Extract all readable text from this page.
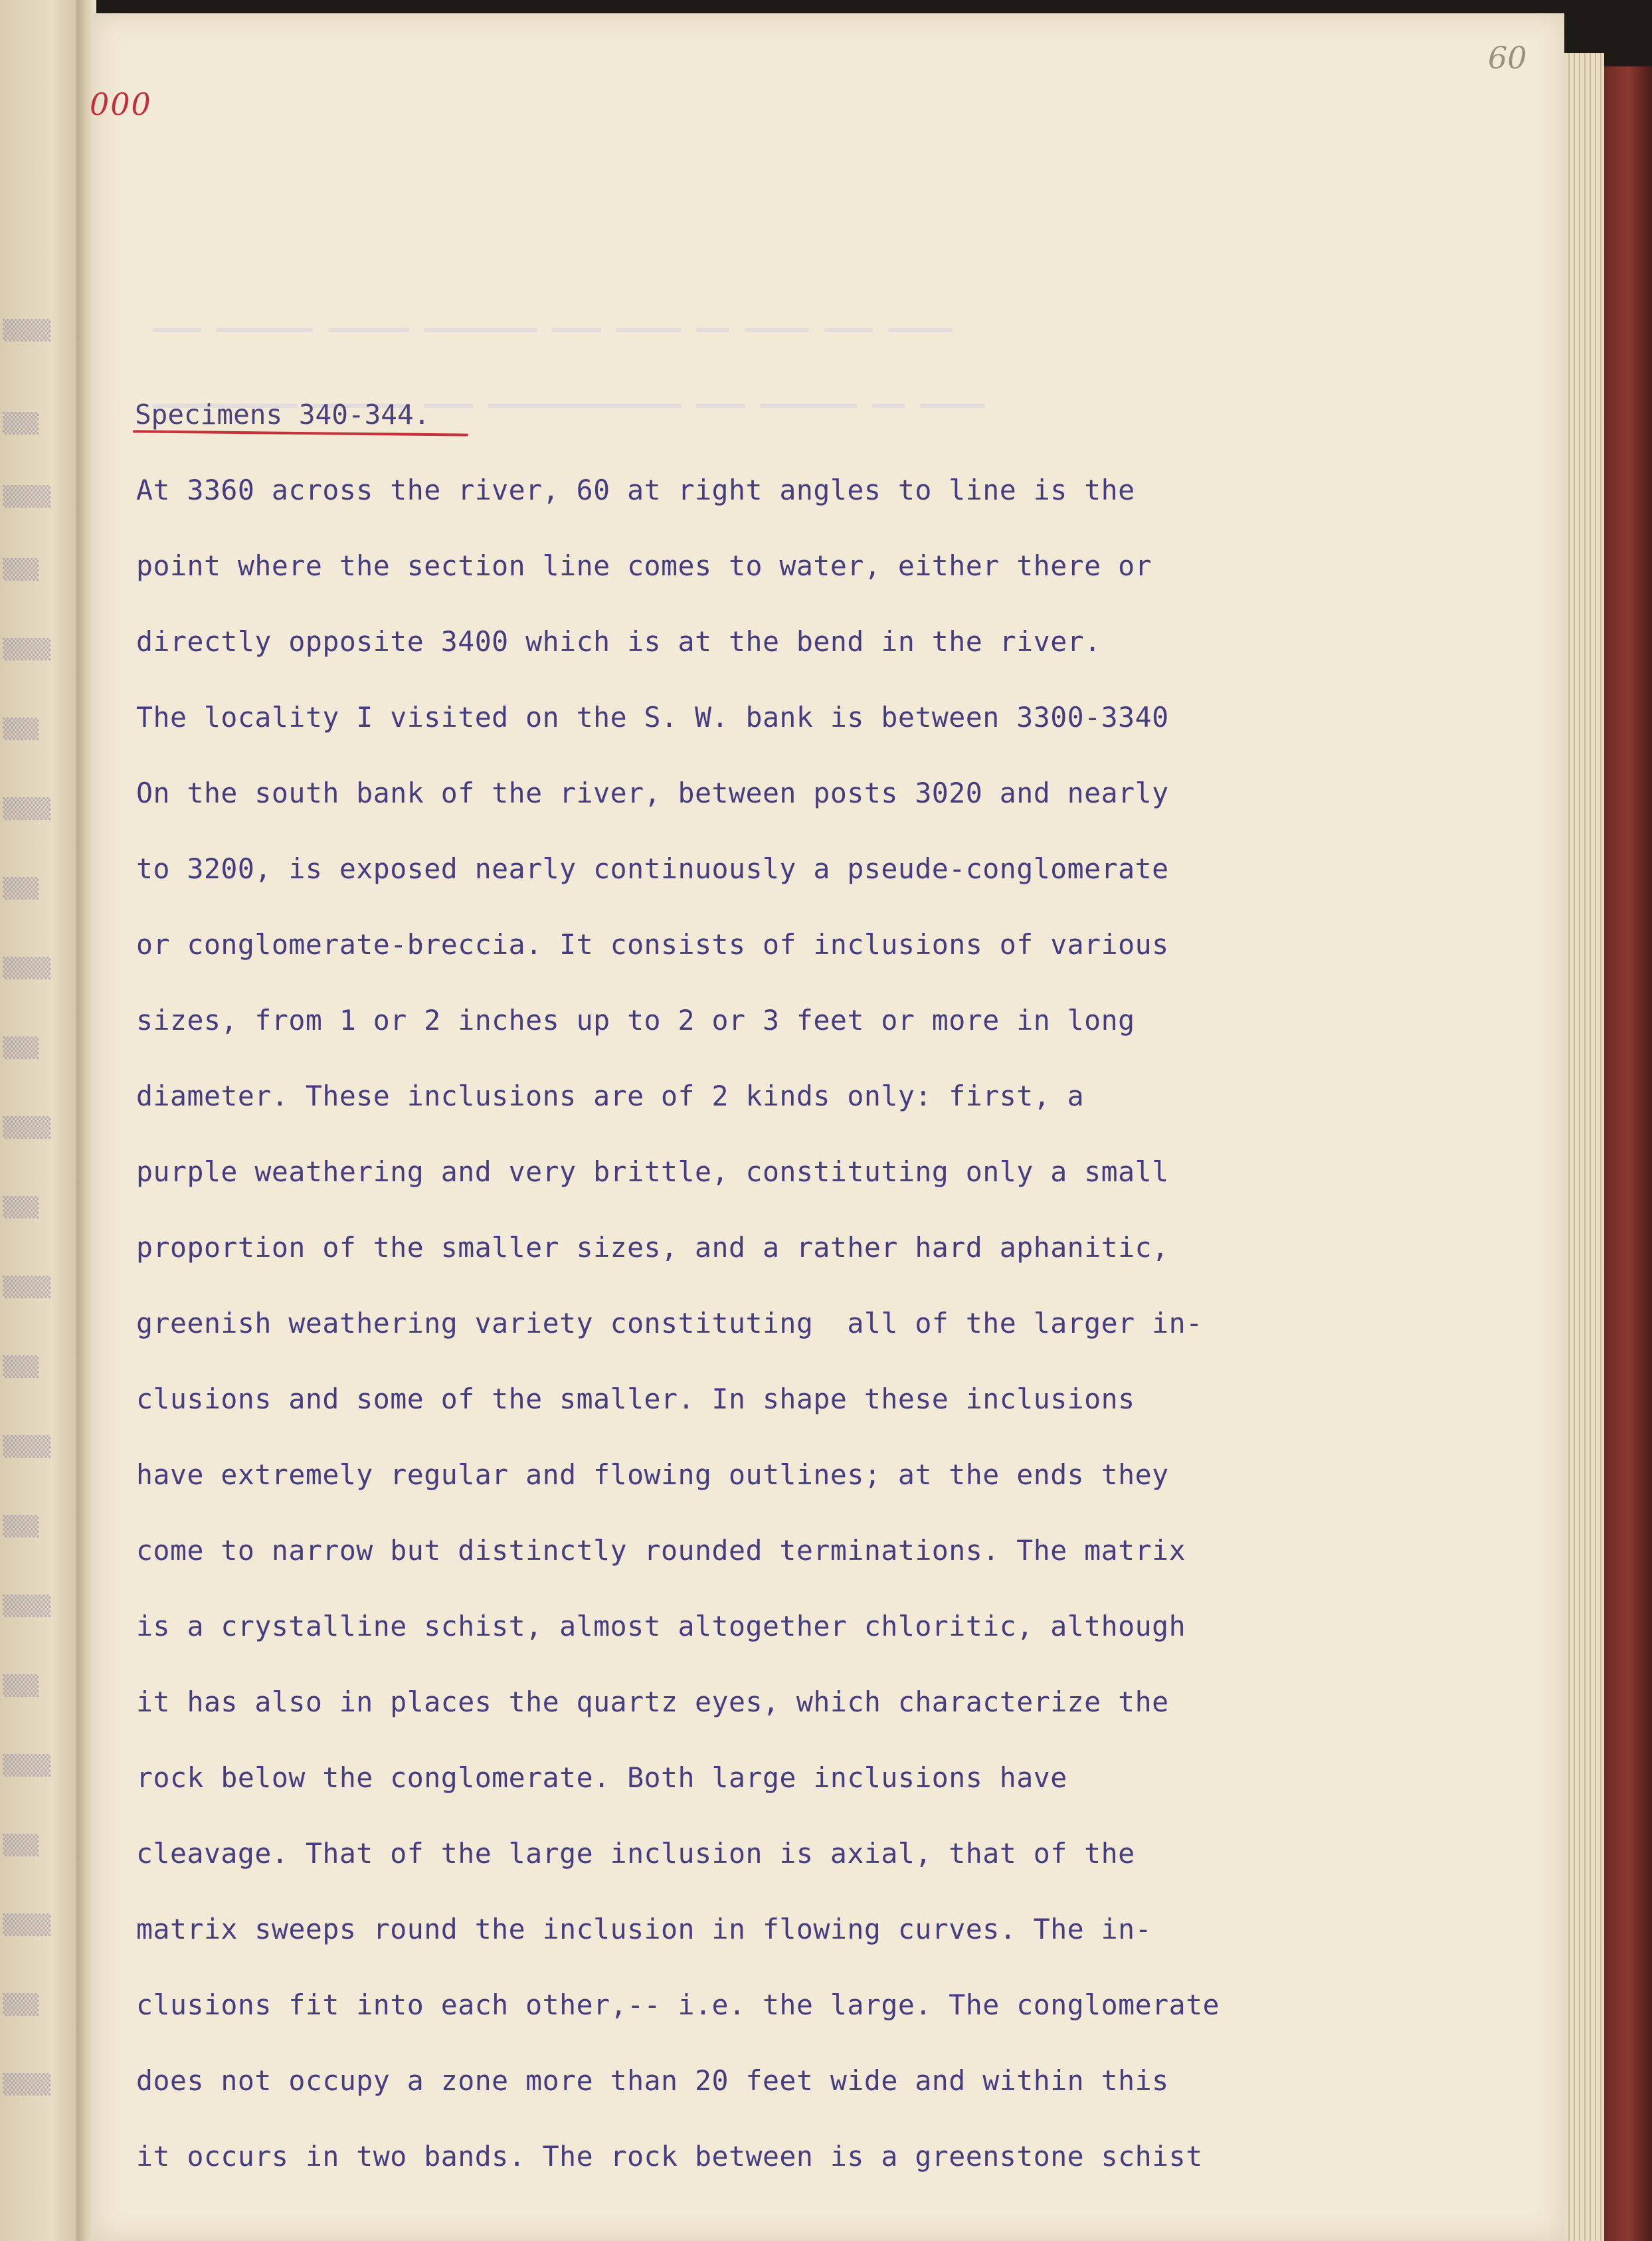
▒▒▒▒
▒▒▒
▒▒▒▒
▒▒▒
▒▒▒▒
▒▒▒
▒▒▒▒
▒▒▒
▒▒▒▒
▒▒▒
▒▒▒▒
▒▒▒
▒▒▒▒
▒▒▒
▒▒▒▒
▒▒▒
▒▒▒▒
▒▒▒
▒▒▒▒
▒▒▒
▒▒▒▒
▒▒▒
▒▒▒▒
60
000
▁▁▁ ▁▁▁▁▁▁ ▁▁▁▁▁ ▁▁▁▁▁▁▁ ▁▁▁ ▁▁▁▁ ▁▁ ▁▁▁▁ ▁▁▁ ▁▁▁▁
▁▁▁▁▁▁▁▁▁ ▁▁▁▁▁▁ ▁▁▁ ▁▁▁▁▁▁▁▁▁▁▁▁ ▁▁▁ ▁▁▁▁▁▁ ▁▁ ▁▁▁▁
Specimens 340-344.
At 3360 across the river, 60 at right angles to line is the
point where the section line comes to water, either there or
directly opposite 3400 which is at the bend in the river.
The locality I visited on the S. W. bank is between 3300-3340
On the south bank of the river, between posts 3020 and nearly
to 3200, is exposed nearly continuously a pseude-conglomerate
or conglomerate-breccia. It consists of inclusions of various
sizes, from 1 or 2 inches up to 2 or 3 feet or more in long
diameter. These inclusions are of 2 kinds only: first, a
purple weathering and very brittle, constituting only a small
proportion of the smaller sizes, and a rather hard aphanitic,
greenish weathering variety constituting  all of the larger in-
clusions and some of the smaller. In shape these inclusions
have extremely regular and flowing outlines; at the ends they
come to narrow but distinctly rounded terminations. The matrix
is a crystalline schist, almost altogether chloritic, although
it has also in places the quartz eyes, which characterize the
rock below the conglomerate. Both large inclusions have
cleavage. That of the large inclusion is axial, that of the
matrix sweeps round the inclusion in flowing curves. The in-
clusions fit into each other,-- i.e. the large. The conglomerate
does not occupy a zone more than 20 feet wide and within this
it occurs in two bands. The rock between is a greenstone schist
